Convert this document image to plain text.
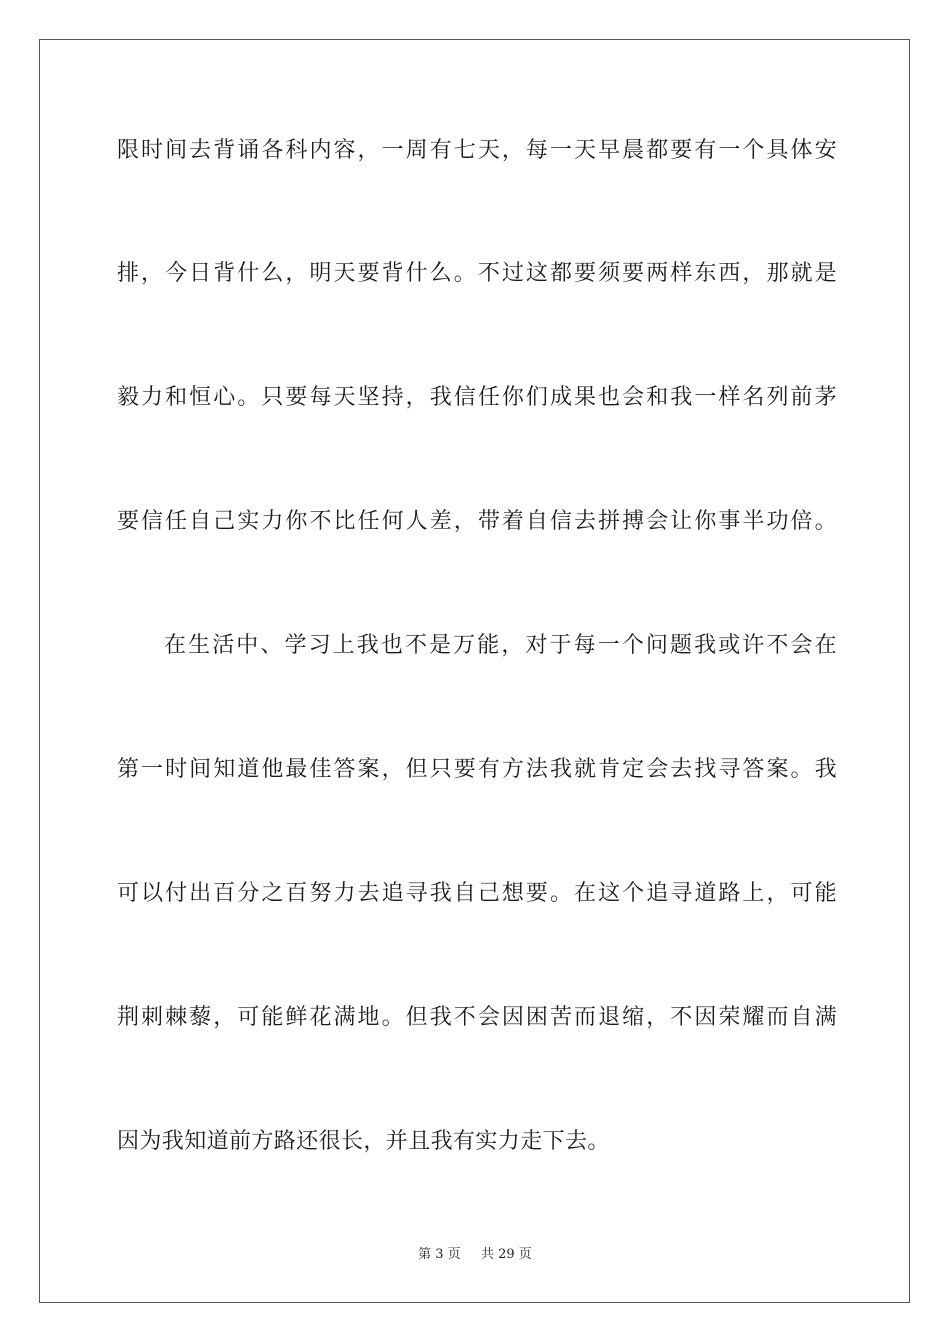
限时间去背诵各科内容，一周有七天，每一天早晨都要有一个具体安
排，今日背什么，明天要背什么。不过这都要须要两样东西，那就是
毅力和恒心。只要每天坚持，我信任你们成果也会和我一样名列前茅
要信任自己实力你不比任何人差，带着自信去拼搏会让你事半功倍。
在生活中、学习上我也不是万能，对于每一个问题我或许不会在
第一时间知道他最佳答案，但只要有方法我就肯定会去找寻答案。我
可以付出百分之百努力去追寻我自己想要。在这个追寻道路上，可能
荆刺棘藜，可能鲜花满地。但我不会因困苦而退缩，不因荣耀而自满
因为我知道前方路还很长，并且我有实力走下去。
第 3 页 共 29 页
